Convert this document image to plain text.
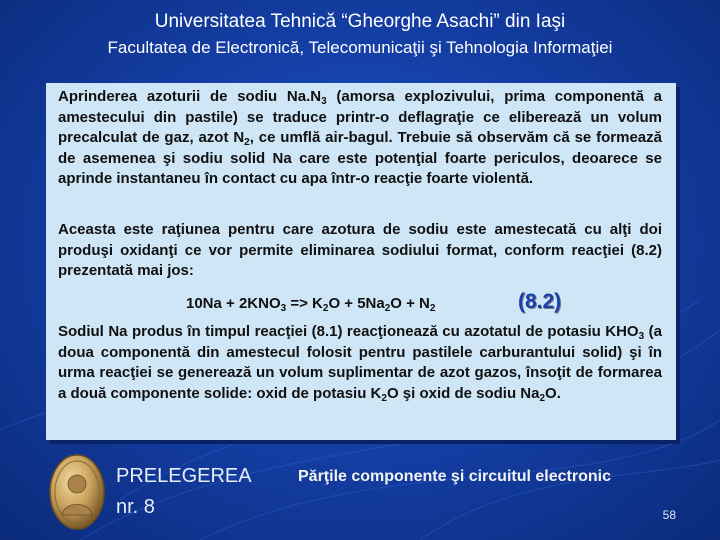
Universitatea Tehnică “Gheorghe Asachi” din Iaşi
Facultatea de Electronică, Telecomunicaţii şi Tehnologia Informaţiei

Aprinderea azoturii de sodiu $Na.N_3$ (amorsa explozivului, prima componentă a amestecului din pastile) se traduce printr-o deflagraţie ce eliberează un volum precalculat de gaz, azot $N_2$, ce umflă air-bagul. Trebuie să observăm că se formează de asemenea şi sodiu solid Na care este potenţial foarte periculos, deoarece se aprinde instantaneu în contact cu apa într-o reacţie foarte violentă.

Aceasta este raţiunea pentru care azotura de sodiu este amestecată cu alţi doi produşi oxidanţi ce vor permite eliminarea sodiului format, conform reacţiei (8.2) prezentată mai jos:

$10Na + 2KNO_3 => K_2O + 5Na_2O + N_2$	(8.2)

Sodiul Na produs în timpul reacţiei (8.1) reacţionează cu azotatul de potasiu $KHO_3$ (a doua componentă din amestecul folosit pentru pastilele carburantului solid) şi în urma reacţiei se generează un volum suplimentar de azot gazos, însoţit de formarea a două componente solide: oxid de potasiu $K_2O$ şi oxid de sodiu $Na_2O$.

PRELEGEREA
nr. 8
Părţile componente şi circuitul electronic
58
